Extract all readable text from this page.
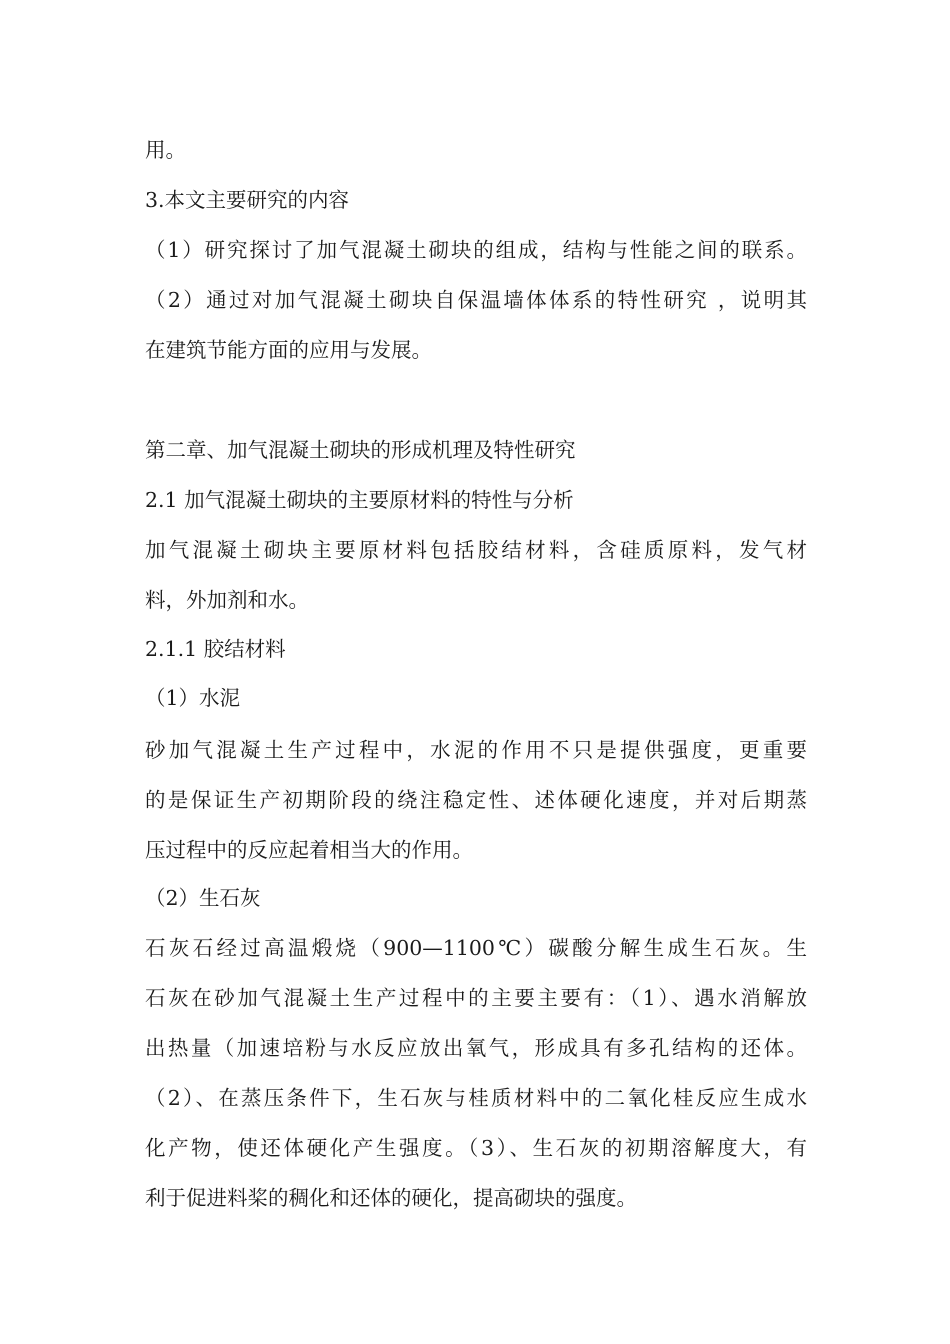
用。
3.本文主要研究的内容
（1）研究探讨了加气混凝土砌块的组成，结构与性能之间的联系。
（2）通过对加气混凝土砌块自保温墙体体系的特性研究 ，说明其
在建筑节能方面的应用与发展。
第二章、加气混凝土砌块的形成机理及特性研究
2.1 加气混凝土砌块的主要原材料的特性与分析
加气混凝土砌块主要原材料包括胶结材料，含硅质原料，发气材
料，外加剂和水。
2.1.1 胶结材料
（1）水泥
砂加气混凝土生产过程中，水泥的作用不只是提供强度，更重要
的是保证生产初期阶段的绕注稳定性、述体硬化速度，并对后期蒸
压过程中的反应起着相当大的作用。
（2）生石灰
石灰石经过高温煅烧（900—1100℃）碳酸分解生成生石灰。生
石灰在砂加气混凝土生产过程中的主要主要有：（1）、遇水消解放
出热量（加速培粉与水反应放出氧气，形成具有多孔结构的还体。
（2）、在蒸压条件下，生石灰与桂质材料中的二氧化桂反应生成水
化产物，使还体硬化产生强度。（3）、生石灰的初期溶解度大，有
利于促进料桨的稠化和还体的硬化，提高砌块的强度。
